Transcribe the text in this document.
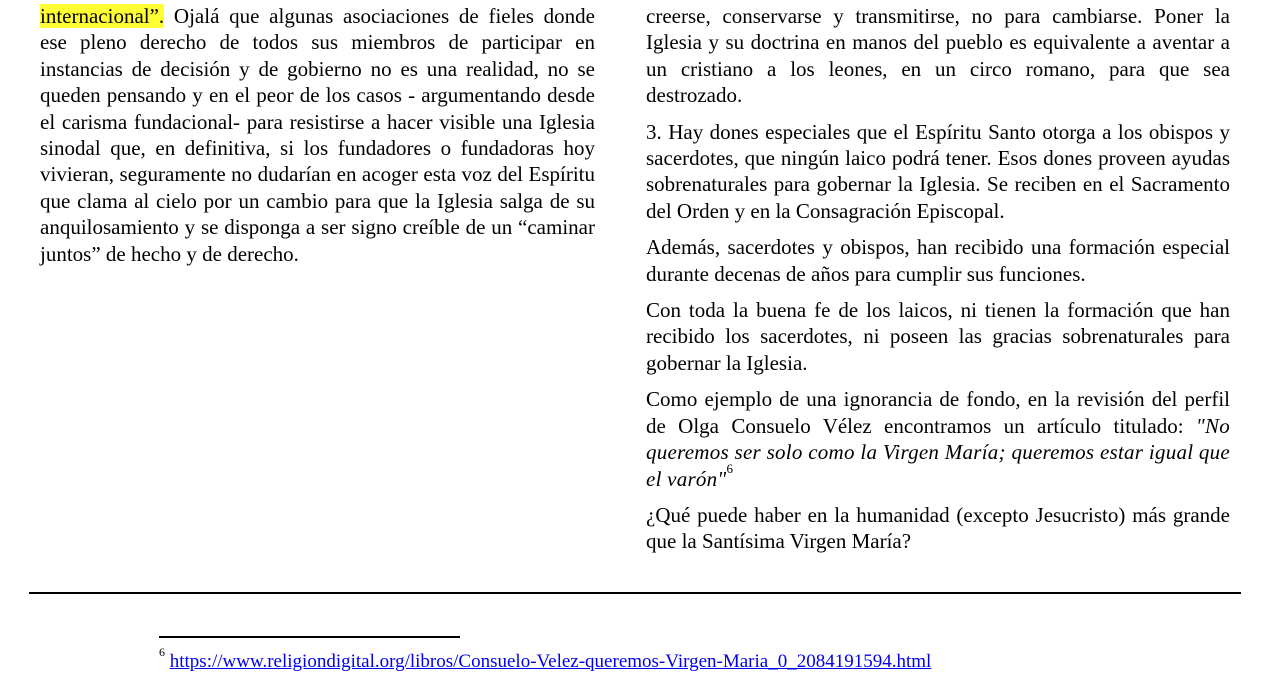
internacional”. Ojalá que algunas asociaciones de fieles donde ese pleno derecho de todos sus miembros de participar en instancias de decisión y de gobierno no es una realidad, no se queden pensando y en el peor de los casos - argumentando desde el carisma fundacional- para resistirse a hacer visible una Iglesia sinodal que, en definitiva, si los fundadores o fundadoras hoy vivieran, seguramente no dudarían en acoger esta voz del Espíritu que clama al cielo por un cambio para que la Iglesia salga de su anquilosamiento y se disponga a ser signo creíble de un “caminar juntos” de hecho y de derecho.

creerse, conservarse y transmitirse, no para cambiarse. Poner la Iglesia y su doctrina en manos del pueblo es equivalente a aventar a un cristiano a los leones, en un circo romano, para que sea destrozado.

3. Hay dones especiales que el Espíritu Santo otorga a los obispos y sacerdotes, que ningún laico podrá tener. Esos dones proveen ayudas sobrenaturales para gobernar la Iglesia. Se reciben en el Sacramento del Orden y en la Consagración Episcopal.

Además, sacerdotes y obispos, han recibido una formación especial durante decenas de años para cumplir sus funciones.

Con toda la buena fe de los laicos, ni tienen la formación que han recibido los sacerdotes, ni poseen las gracias sobrenaturales para gobernar la Iglesia.

Como ejemplo de una ignorancia de fondo, en la revisión del perfil de Olga Consuelo Vélez encontramos un artículo titulado: "No queremos ser solo como la Virgen María; queremos estar igual que el varón"$^6$

¿Qué puede haber en la humanidad (excepto Jesucristo) más grande que la Santísima Virgen María?

$^6$ https://www.religiondigital.org/libros/Consuelo-Velez-queremos-Virgen-Maria_0_2084191594.html
